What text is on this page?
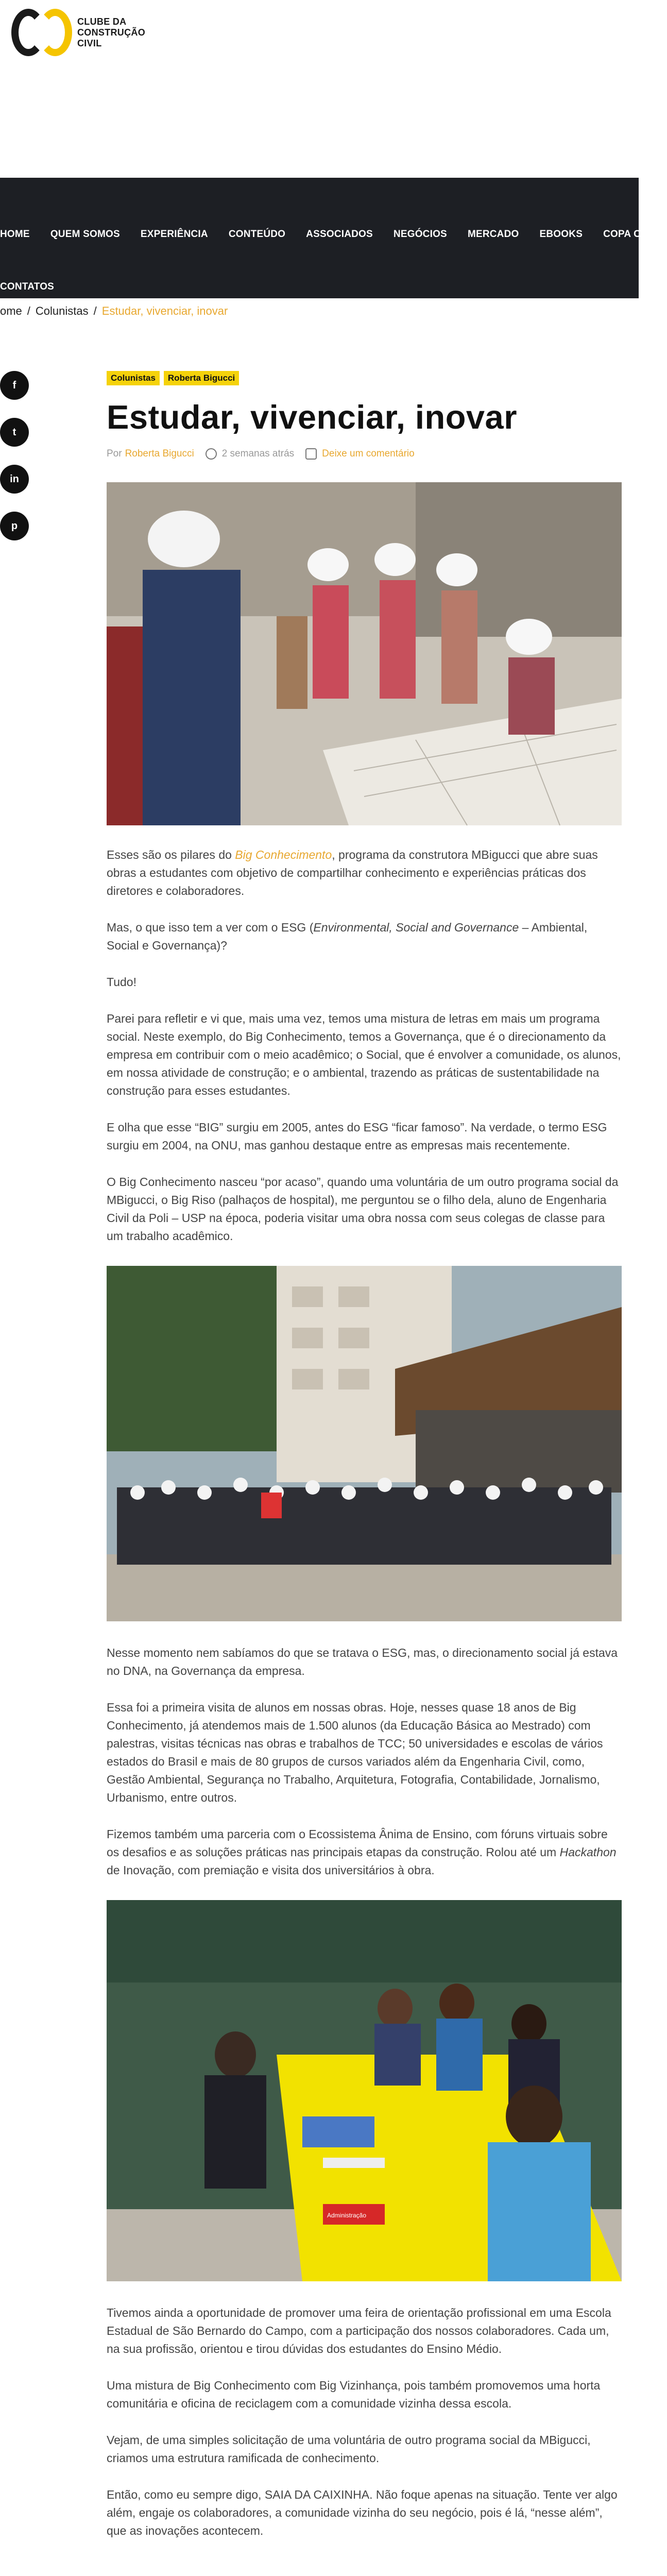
CLUBE DA
CONSTRUÇÃO
CIVIL
HOME QUEM SOMOS EXPERIÊNCIA CONTEÚDO ASSOCIADOS NEGÓCIOS MERCADO EBOOKS COPA C3
CONTATOS
ome / Colunistas / Estudar, vivenciar, inovar
f
t
in
p
Colunistas	Roberta Bigucci
Estudar, vivenciar, inovar
Por Roberta Bigucci	2 semanas atrás	Deixe um comentário

Esses são os pilares do Big Conhecimento, programa da construtora MBigucci que abre suas obras a estudantes com objetivo de compartilhar conhecimento e experiências práticas dos diretores e colaboradores.

Mas, o que isso tem a ver com o ESG (Environmental, Social and Governance – Ambiental, Social e Governança)?

Tudo!

Parei para refletir e vi que, mais uma vez, temos uma mistura de letras em mais um programa social. Neste exemplo, do Big Conhecimento, temos a Governança, que é o direcionamento da empresa em contribuir com o meio acadêmico; o Social, que é envolver a comunidade, os alunos, em nossa atividade de construção; e o ambiental, trazendo as práticas de sustentabilidade na construção para esses estudantes.

E olha que esse “BIG” surgiu em 2005, antes do ESG “ficar famoso”. Na verdade, o termo ESG surgiu em 2004, na ONU, mas ganhou destaque entre as empresas mais recentemente.

O Big Conhecimento nasceu “por acaso”, quando uma voluntária de um outro programa social da MBigucci, o Big Riso (palhaços de hospital), me perguntou se o filho dela, aluno de Engenharia Civil da Poli – USP na época, poderia visitar uma obra nossa com seus colegas de classe para um trabalho acadêmico.

Nesse momento nem sabíamos do que se tratava o ESG, mas, o direcionamento social já estava no DNA, na Governança da empresa.

Essa foi a primeira visita de alunos em nossas obras. Hoje, nesses quase 18 anos de Big Conhecimento, já atendemos mais de 1.500 alunos (da Educação Básica ao Mestrado) com palestras, visitas técnicas nas obras e trabalhos de TCC; 50 universidades e escolas de vários estados do Brasil e mais de 80 grupos de cursos variados além da Engenharia Civil, como, Gestão Ambiental, Segurança no Trabalho, Arquitetura, Fotografia, Contabilidade, Jornalismo, Urbanismo, entre outros.

Fizemos também uma parceria com o Ecossistema Ânima de Ensino, com fóruns virtuais sobre os desafios e as soluções práticas nas principais etapas da construção. Rolou até um Hackathon de Inovação, com premiação e visita dos universitários à obra.

Administração

Tivemos ainda a oportunidade de promover uma feira de orientação profissional em uma Escola Estadual de São Bernardo do Campo, com a participação dos nossos colaboradores. Cada um, na sua profissão, orientou e tirou dúvidas dos estudantes do Ensino Médio.

Uma mistura de Big Conhecimento com Big Vizinhança, pois também promovemos uma horta comunitária e oficina de reciclagem com a comunidade vizinha dessa escola.

Vejam, de uma simples solicitação de uma voluntária de outro programa social da MBigucci, criamos uma estrutura ramificada de conhecimento.

Então, como eu sempre digo, SAIA DA CAIXINHA. Não foque apenas na situação. Tente ver algo além, engaje os colaboradores, a comunidade vizinha do seu negócio, pois é lá, “nesse além”, que as inovações acontecem.
